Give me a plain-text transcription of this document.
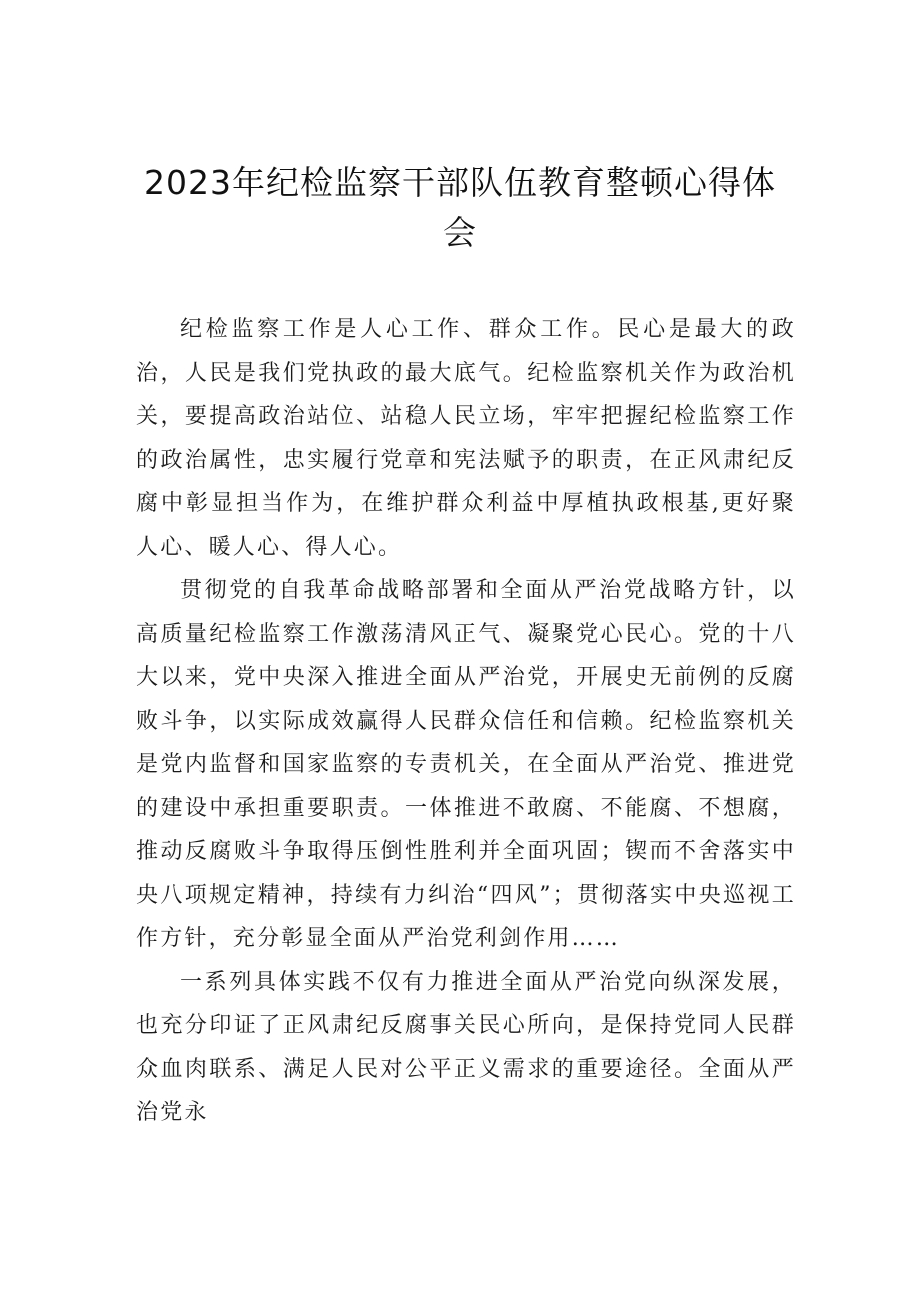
2023年纪检监察干部队伍教育整顿心得体
会

纪检监察工作是人心工作、群众工作。民心是最大的政治，人民是我们党执政的最大底气。纪检监察机关作为政治机关，要提高政治站位、站稳人民立场，牢牢把握纪检监察工作的政治属性，忠实履行党章和宪法赋予的职责，在正风肃纪反腐中彰显担当作为，在维护群众利益中厚植执政根基,更好聚人心、暖人心、得人心。

贯彻党的自我革命战略部署和全面从严治党战略方针，以高质量纪检监察工作激荡清风正气、凝聚党心民心。党的十八大以来，党中央深入推进全面从严治党，开展史无前例的反腐败斗争，以实际成效赢得人民群众信任和信赖。纪检监察机关是党内监督和国家监察的专责机关，在全面从严治党、推进党的建设中承担重要职责。一体推进不敢腐、不能腐、不想腐，推动反腐败斗争取得压倒性胜利并全面巩固；锲而不舍落实中央八项规定精神，持续有力纠治“四风”；贯彻落实中央巡视工作方针，充分彰显全面从严治党利剑作用……

一系列具体实践不仅有力推进全面从严治党向纵深发展，也充分印证了正风肃纪反腐事关民心所向，是保持党同人民群众血肉联系、满足人民对公平正义需求的重要途径。全面从严治党永
